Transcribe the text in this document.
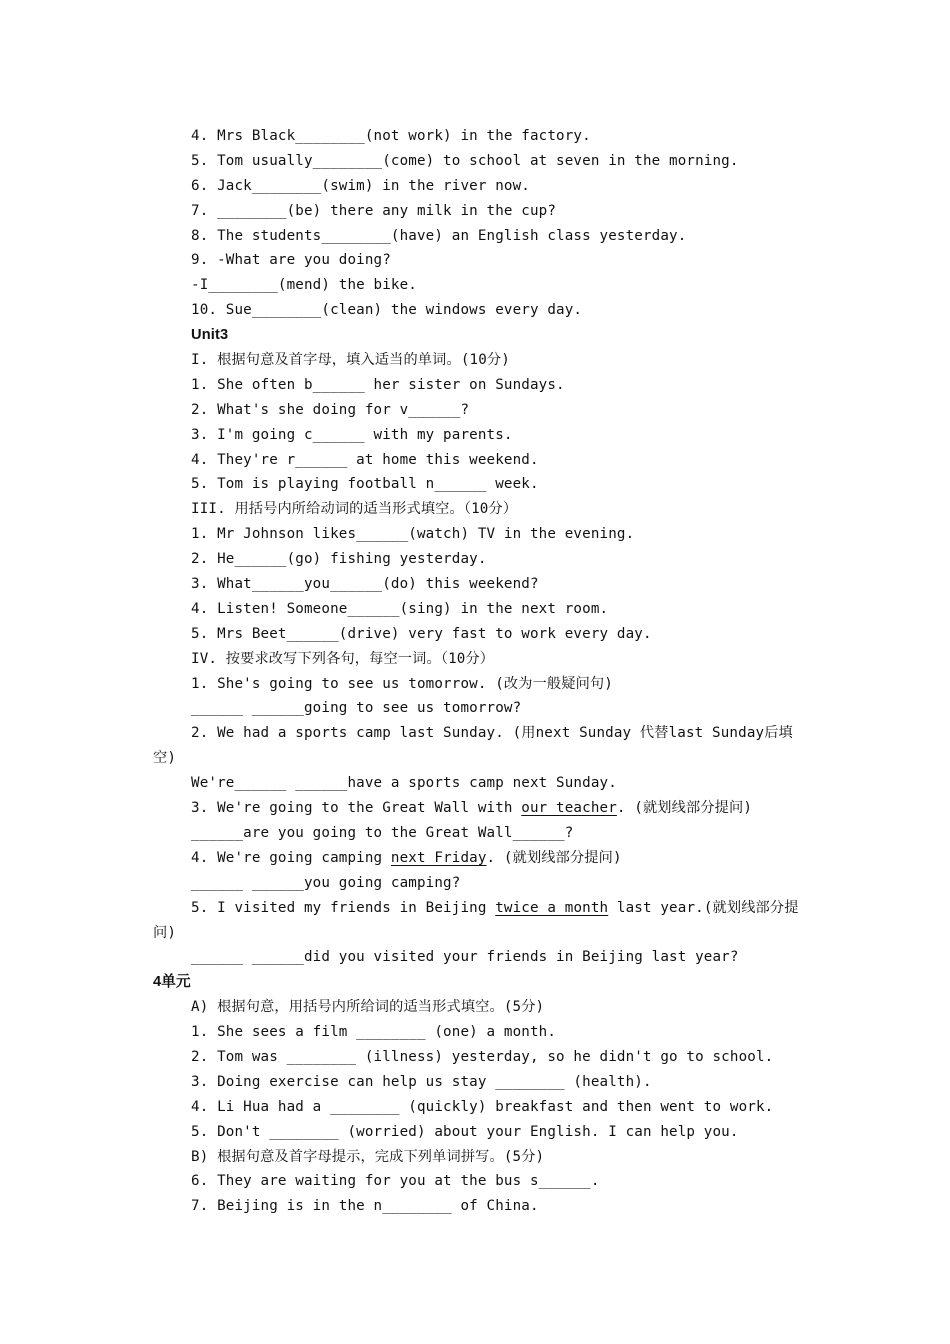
4. Mrs Black________(not work) in the factory.
5. Tom usually________(come) to school at seven in the morning.
6. Jack________(swim) in the river now.
7. ________(be) there any milk in the cup?
8. The students________(have) an English class yesterday.
9. -What are you doing?
-I________(mend) the bike.
10. Sue________(clean) the windows every day.
Unit3
I. 根据句意及首字母，填入适当的单词。(10分)
1. She often b______ her sister on Sundays.
2. What's she doing for v______?
3. I'm going c______ with my parents.
4. They're r______ at home this weekend.
5. Tom is playing football n______ week.
III. 用括号内所给动词的适当形式填空。（10分）
1. Mr Johnson likes______(watch) TV in the evening.
2. He______(go) fishing yesterday.
3. What______you______(do) this weekend?
4. Listen! Someone______(sing) in the next room.
5. Mrs Beet______(drive) very fast to work every day.
IV. 按要求改写下列各句，每空一词。（10分）
1. She's going to see us tomorrow. (改为一般疑问句)
______ ______going to see us tomorrow?
2. We had a sports camp last Sunday. (用next Sunday 代替last Sunday后填
空)
We're______ ______have a sports camp next Sunday.
3. We're going to the Great Wall with our teacher. (就划线部分提问)
______are you going to the Great Wall______?
4. We're going camping next Friday. (就划线部分提问)
______ ______you going camping?
5. I visited my friends in Beijing twice a month last year.(就划线部分提
问)
______ ______did you visited your friends in Beijing last year?
4单元
A) 根据句意，用括号内所给词的适当形式填空。(5分)
1. She sees a film ________ (one) a month.
2. Tom was ________ (illness) yesterday, so he didn't go to school.
3. Doing exercise can help us stay ________ (health).
4. Li Hua had a ________ (quickly) breakfast and then went to work.
5. Don't ________ (worried) about your English. I can help you.
B) 根据句意及首字母提示，完成下列单词拼写。(5分)
6. They are waiting for you at the bus s______.
7. Beijing is in the n________ of China.
